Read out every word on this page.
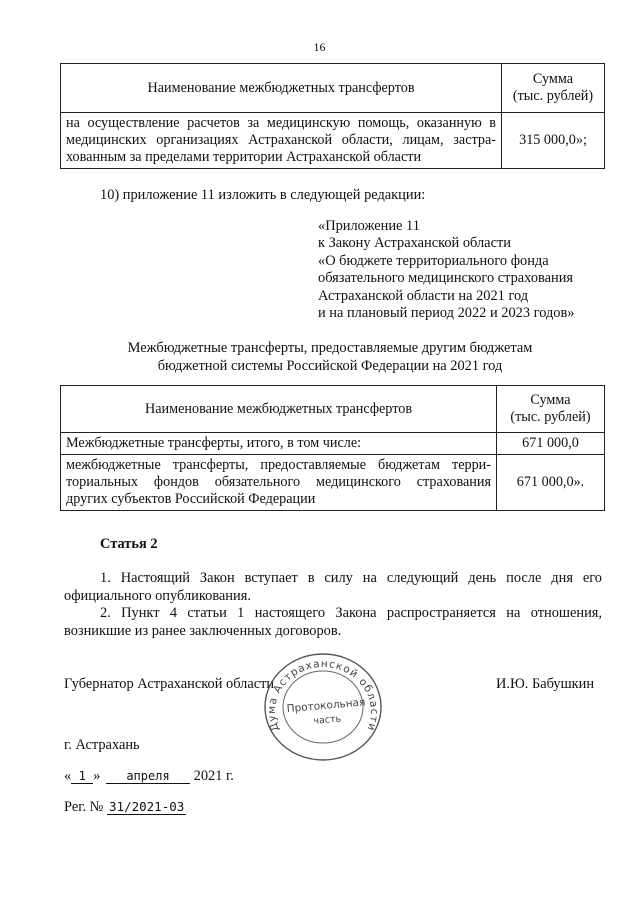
16
Наименование межбюджетных трансфертов	Сумма
(тыс. рублей)

на осуществление расчетов за медицинскую помощь, оказанную в
медицинских организациях Астраханской области, лицам, застра-
хованным за пределами территории Астраханской области	315 000,0»;
10) приложение 11 изложить в следующей редакции:
«Приложение 11
к Закону Астраханской области
«О бюджете территориального фонда
обязательного медицинского страхования
Астраханской области на 2021 год
и на плановый период 2022 и 2023 годов»
Межбюджетные трансферты, предоставляемые другим бюджетам
бюджетной системы Российской Федерации на 2021 год
Наименование межбюджетных трансфертов	Сумма
(тыс. рублей)

Межбюджетные трансферты, итого, в том числе:	671 000,0

межбюджетные трансферты, предоставляемые бюджетам терри-
ториальных фондов обязательного медицинского страхования
других субъектов Российской Федерации	671 000,0».
Статья 2
1. Настоящий Закон вступает в силу на следующий день после дня его официального опубликования.
2. Пункт 4 статьи 1 настоящего Закона распространяется на отношения, возникшие из ранее заключенных договоров.
Губернатор Астраханской области	И.Ю. Бабушкин
Дума Астраханской области
Протокольная
часть
г. Астрахань
« 1 » апреля 2021 г.
Рег. № 31/2021-03
